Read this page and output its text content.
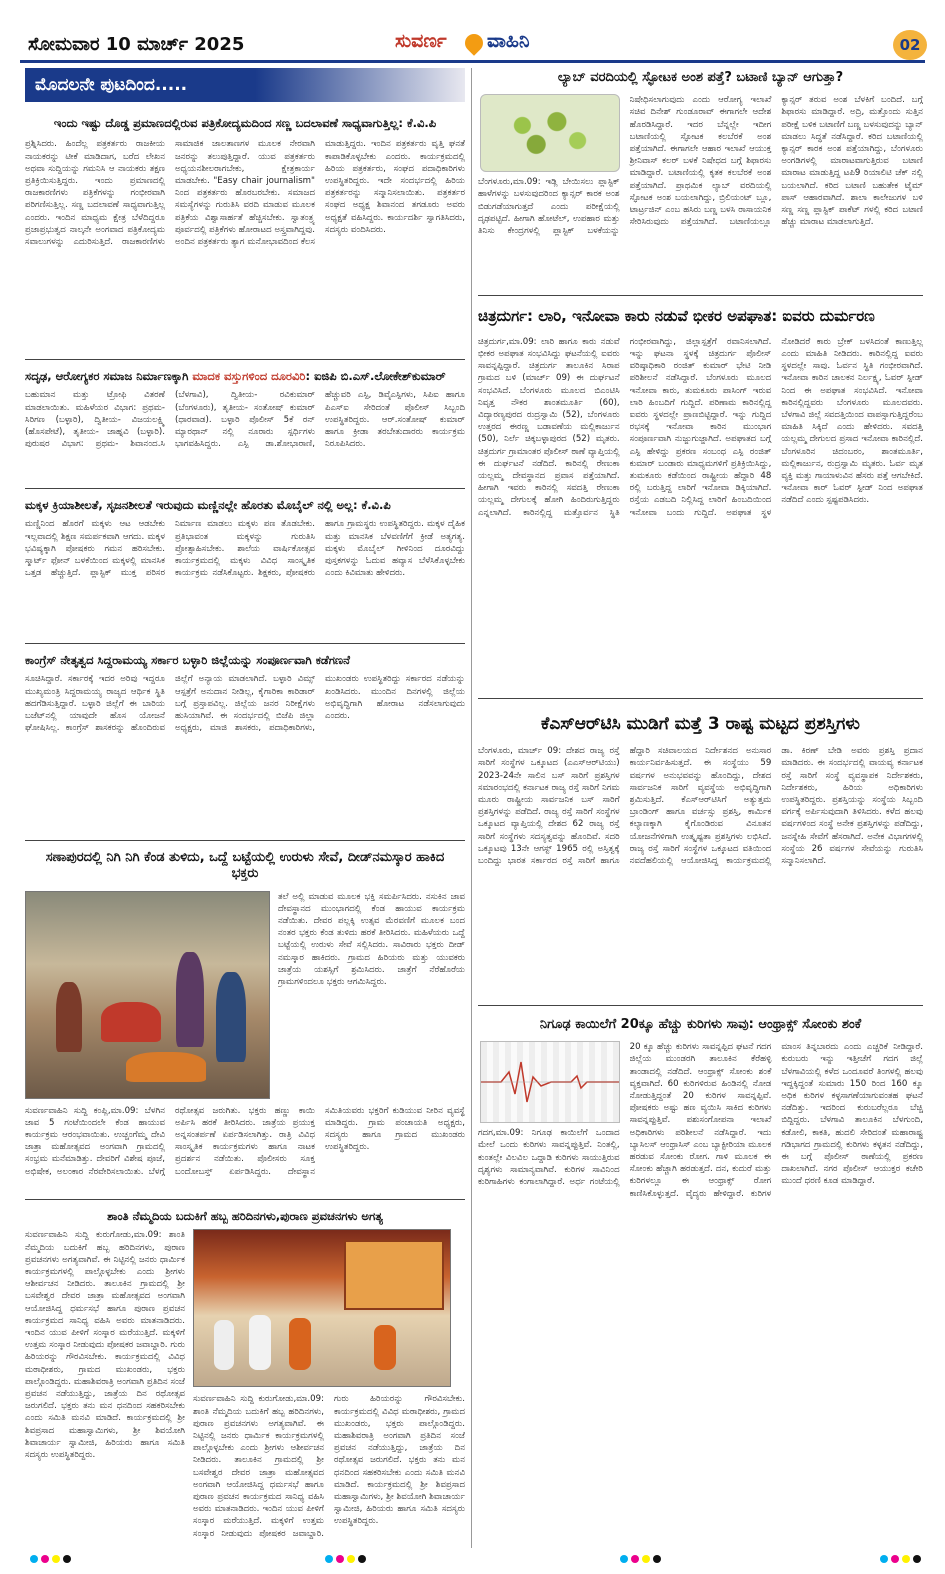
ಸೋಮವಾರ 10 ಮಾರ್ಚ್ 2025	ಸುವರ್ಣ ವಾಹಿನಿ	02
ಮೊದಲನೇ ಪುಟದಿಂದ.....
ಇಂದು ಇಷ್ಟು ದೊಡ್ಡ ಪ್ರಮಾಣದಲ್ಲಿರುವ ಪತ್ರಿಕೋದ್ಯಮದಿಂದ ಸಣ್ಣ ಬದಲಾವಣೆ ಸಾಧ್ಯವಾಗುತ್ತಿಲ್ಲ: ಕೆ.ವಿ.ಪಿ
ಪ್ರಶ್ನಿಸಿದರು. ಹಿಂದೆಲ್ಲ ಪತ್ರಕರ್ತರು ರಾಜಕೀಯ ನಾಯಕರನ್ನು ಟೀಕೆ ಮಾಡಿದಾಗ, ಬರೆದ ಲೇಖನ ಅಥವಾ ಸುದ್ದಿಯನ್ನು ಗಮನಿಸಿ ಆ ನಾಯಕರು ತಕ್ಷಣ ಪ್ರತಿಕ್ರಿಯಿಸುತ್ತಿದ್ದರು. ಇಂದು ಪ್ರಮಾಣದಲ್ಲಿ ರಾಜಕಾರಣಿಗಳು ಪತ್ರಿಕೆಗಳನ್ನು ಗಂಭೀರವಾಗಿ ಪರಿಗಣಿಸುತ್ತಿಲ್ಲ. ಸಣ್ಣ ಬದಲಾವಣೆ ಸಾಧ್ಯವಾಗುತ್ತಿಲ್ಲ ಎಂದರು. ಇಂದಿನ ಮಾಧ್ಯಮ ಕ್ಷೇತ್ರ ಬೆಳೆದಿದ್ದರೂ ಪ್ರಜಾಪ್ರಭುತ್ವದ ನಾಲ್ಕನೇ ಅಂಗವಾದ ಪತ್ರಿಕೋದ್ಯಮ ಸವಾಲುಗಳನ್ನು ಎದುರಿಸುತ್ತಿದೆ. ರಾಜಕಾರಣಿಗಳು ಸಾಮಾಜಿಕ ಜಾಲತಾಣಗಳ ಮೂಲಕ ನೇರವಾಗಿ ಜನರನ್ನು ತಲುಪುತ್ತಿದ್ದಾರೆ. ಯುವ ಪತ್ರಕರ್ತರು ಅಧ್ಯಯನಶೀಲರಾಗಬೇಕು, ಕ್ಷೇತ್ರಕಾರ್ಯ ಮಾಡಬೇಕು. "Easy chair journalism" ನಿಂದ ಪತ್ರಕರ್ತರು ಹೊರಬರಬೇಕು. ಸಮಾಜದ ಸಮಸ್ಯೆಗಳನ್ನು ಗುರುತಿಸಿ ವರದಿ ಮಾಡುವ ಮೂಲಕ ಪತ್ರಿಕೆಯ ವಿಶ್ವಾಸಾರ್ಹತೆ ಹೆಚ್ಚಿಸಬೇಕು. ಸ್ವಾತಂತ್ರ್ಯ ಪೂರ್ವದಲ್ಲಿ ಪತ್ರಿಕೆಗಳು ಹೋರಾಟದ ಅಸ್ತ್ರವಾಗಿದ್ದವು. ಅಂದಿನ ಪತ್ರಕರ್ತರು ತ್ಯಾಗ ಮನೋಭಾವದಿಂದ ಕೆಲಸ ಮಾಡುತ್ತಿದ್ದರು. ಇಂದಿನ ಪತ್ರಕರ್ತರು ವೃತ್ತಿ ಘನತೆ ಕಾಪಾಡಿಕೊಳ್ಳಬೇಕು ಎಂದರು. ಕಾರ್ಯಕ್ರಮದಲ್ಲಿ ಹಿರಿಯ ಪತ್ರಕರ್ತರು, ಸಂಘದ ಪದಾಧಿಕಾರಿಗಳು ಉಪಸ್ಥಿತರಿದ್ದರು. ಇದೇ ಸಂದರ್ಭದಲ್ಲಿ ಹಿರಿಯ ಪತ್ರಕರ್ತರನ್ನು ಸನ್ಮಾನಿಸಲಾಯಿತು. ಪತ್ರಕರ್ತರ ಸಂಘದ ಅಧ್ಯಕ್ಷ ಶಿವಾನಂದ ತಗಡೂರು ಅವರು ಅಧ್ಯಕ್ಷತೆ ವಹಿಸಿದ್ದರು. ಕಾರ್ಯದರ್ಶಿ ಸ್ವಾಗತಿಸಿದರು, ಸದಸ್ಯರು ವಂದಿಸಿದರು.
ಸದೃಢ, ಆರೋಗ್ಯಕರ ಸಮಾಜ ನಿರ್ಮಾಣಕ್ಕಾಗಿ ಮಾದಕ ವಸ್ತುಗಳಿಂದ ದೂರವಿರಿ: ಐಜಿಪಿ ಬಿ.ಎಸ್.ಲೋಕೇಶ್‌ಕುಮಾರ್
ಬಹುಮಾನ ಮತ್ತು ಟ್ರೋಫಿ ವಿತರಣೆ ಮಾಡಲಾಯಿತು. ಮಹಿಳೆಯರ ವಿಭಾಗ: ಪ್ರಥಮ- ಸಿರಿಗಣ (ಬಳ್ಳಾರಿ), ದ್ವಿತೀಯ- ವಿಜಯಲಕ್ಷ್ಮಿ (ಹೊಸಪೇಟೆ), ತೃತೀಯ- ಜಾಹ್ನವಿ (ಬಳ್ಳಾರಿ). ಪುರುಷರ ವಿಭಾಗ: ಪ್ರಥಮ- ಶಿವಾನಂದ.ಸಿ (ಬೆಳಗಾವಿ), ದ್ವಿತೀಯ- ರವಿಕುಮಾರ್ (ಬೆಂಗಳೂರು), ತೃತೀಯ- ಸಂತೋಷ್ ಕುಮಾರ್ (ಧಾರವಾಡ). ಬಳ್ಳಾರಿ ಪೊಲೀಸ್ 5ಕೆ ರನ್ ಮ್ಯಾರಥಾನ್ ನಲ್ಲಿ ನೂರಾರು ಸ್ಪರ್ಧಿಗಳು ಭಾಗವಹಿಸಿದ್ದರು. ಎಸ್ಪಿ ಡಾ.ಶೋಭಾರಾಣಿ, ಹೆಚ್ಚುವರಿ ಎಸ್ಪಿ, ಡಿವೈಎಸ್ಪಿಗಳು, ಸಿಪಿಐ ಹಾಗೂ ಪಿಎಸ್ಐ ಸೇರಿದಂತೆ ಪೊಲೀಸ್ ಸಿಬ್ಬಂದಿ ಉಪಸ್ಥಿತರಿದ್ದರು. ಆರ್.ಸಂತೋಷ್ ಕುಮಾರ್ ಹಾಗೂ ಕ್ರೀಡಾ ತರಬೇತುದಾರರು ಕಾರ್ಯಕ್ರಮ ನಿರೂಪಿಸಿದರು.
ಮಕ್ಕಳ ಕ್ರಿಯಾಶೀಲತೆ, ಸೃಜನಶೀಲತೆ ಇರುವುದು ಮಣ್ಣಿನಲ್ಲೇ ಹೊರತು ಮೊಬೈಲ್ ನಲ್ಲಿ ಅಲ್ಲ: ಕೆ.ವಿ.ಪಿ
ಮಣ್ಣಿನಿಂದ ಹೊರಗೆ ಮಕ್ಕಳು ಆಟ ಆಡಬೇಕು ಇಲ್ಲವಾದಲ್ಲಿ ಶಿಕ್ಷಣ ಸಮರ್ಪಕವಾಗಿ ಆಗದು. ಮಕ್ಕಳ ಭವಿಷ್ಯಕ್ಕಾಗಿ ಪೋಷಕರು ಗಮನ ಹರಿಸಬೇಕು. ಸ್ಮಾರ್ಟ್ ಫೋನ್ ಬಳಕೆಯಿಂದ ಮಕ್ಕಳಲ್ಲಿ ಮಾನಸಿಕ ಒತ್ತಡ ಹೆಚ್ಚುತ್ತಿದೆ. ಪ್ಲಾಸ್ಟಿಕ್ ಮುಕ್ತ ಪರಿಸರ ನಿರ್ಮಾಣ ಮಾಡಲು ಮಕ್ಕಳು ಪಣ ತೊಡಬೇಕು. ಪ್ರತಿಭಾವಂತ ಮಕ್ಕಳನ್ನು ಗುರುತಿಸಿ ಪ್ರೋತ್ಸಾಹಿಸಬೇಕು. ಶಾಲೆಯ ವಾರ್ಷಿಕೋತ್ಸವ ಕಾರ್ಯಕ್ರಮದಲ್ಲಿ ಮಕ್ಕಳು ವಿವಿಧ ಸಾಂಸ್ಕೃತಿಕ ಕಾರ್ಯಕ್ರಮ ನಡೆಸಿಕೊಟ್ಟರು. ಶಿಕ್ಷಕರು, ಪೋಷಕರು ಹಾಗೂ ಗ್ರಾಮಸ್ಥರು ಉಪಸ್ಥಿತರಿದ್ದರು. ಮಕ್ಕಳ ದೈಹಿಕ ಮತ್ತು ಮಾನಸಿಕ ಬೆಳವಣಿಗೆಗೆ ಕ್ರೀಡೆ ಅತ್ಯಗತ್ಯ. ಮಕ್ಕಳು ಮೊಬೈಲ್ ಗೀಳಿನಿಂದ ದೂರವಿದ್ದು ಪುಸ್ತಕಗಳನ್ನು ಓದುವ ಹವ್ಯಾಸ ಬೆಳೆಸಿಕೊಳ್ಳಬೇಕು ಎಂದು ಕಿವಿಮಾತು ಹೇಳಿದರು.
ಕಾಂಗ್ರೆಸ್ ನೇತೃತ್ವದ ಸಿದ್ದರಾಮಯ್ಯ ಸರ್ಕಾರ ಬಳ್ಳಾರಿ ಜಿಲ್ಲೆಯನ್ನು ಸಂಪೂರ್ಣವಾಗಿ ಕಡೆಗಣನೆ
ಸೂಚಿಸಿದ್ದಾರೆ. ಸರ್ಕಾರಕ್ಕೆ ಇದರ ಅರಿವು ಇದ್ದರೂ ಮುಖ್ಯಮಂತ್ರಿ ಸಿದ್ದರಾಮಯ್ಯ ರಾಜ್ಯದ ಆರ್ಥಿಕ ಸ್ಥಿತಿ ಹದಗೆಡಿಸುತ್ತಿದ್ದಾರೆ. ಬಳ್ಳಾರಿ ಜಿಲ್ಲೆಗೆ ಈ ಬಾರಿಯ ಬಜೆಟ್‌ನಲ್ಲಿ ಯಾವುದೇ ಹೊಸ ಯೋಜನೆ ಘೋಷಿಸಿಲ್ಲ. ಕಾಂಗ್ರೆಸ್ ಶಾಸಕರನ್ನು ಹೊಂದಿರುವ ಜಿಲ್ಲೆಗೆ ಅನ್ಯಾಯ ಮಾಡಲಾಗಿದೆ. ಬಳ್ಳಾರಿ ವಿಮ್ಸ್ ಆಸ್ಪತ್ರೆಗೆ ಅನುದಾನ ನೀಡಿಲ್ಲ, ಕೈಗಾರಿಕಾ ಕಾರಿಡಾರ್ ಬಗ್ಗೆ ಪ್ರಸ್ತಾಪವಿಲ್ಲ. ಜಿಲ್ಲೆಯ ಜನರ ನಿರೀಕ್ಷೆಗಳು ಹುಸಿಯಾಗಿವೆ. ಈ ಸಂದರ್ಭದಲ್ಲಿ ಬಿಜೆಪಿ ಜಿಲ್ಲಾ ಅಧ್ಯಕ್ಷರು, ಮಾಜಿ ಶಾಸಕರು, ಪದಾಧಿಕಾರಿಗಳು, ಮುಖಂಡರು ಉಪಸ್ಥಿತರಿದ್ದು ಸರ್ಕಾರದ ನಡೆಯನ್ನು ಖಂಡಿಸಿದರು. ಮುಂದಿನ ದಿನಗಳಲ್ಲಿ ಜಿಲ್ಲೆಯ ಅಭಿವೃದ್ಧಿಗಾಗಿ ಹೋರಾಟ ನಡೆಸಲಾಗುವುದು ಎಂದರು.
ಸಣಾಪುರದಲ್ಲಿ ನಿಗಿ ನಿಗಿ ಕೆಂಡ ತುಳಿದು, ಒದ್ದೆ ಬಟ್ಟೆಯಲ್ಲಿ ಉರುಳು ಸೇವೆ, ದೀಡ್‌ನಮಸ್ಕಾರ ಹಾಕಿದ ಭಕ್ತರು
ತಲೆ ಅಲ್ಲಿ ಮಾಡುವ ಮೂಲಕ ಭಕ್ತಿ ಸಮರ್ಪಿಸಿದರು. ನಸುಕಿನ ಜಾವ ದೇವಸ್ಥಾನದ ಮುಂಭಾಗದಲ್ಲಿ ಕೆಂಡ ಹಾಯುವ ಕಾರ್ಯಕ್ರಮ ನಡೆಯಿತು. ದೇವರ ಪಲ್ಲಕ್ಕಿ ಉತ್ಸವ ಮೆರವಣಿಗೆ ಮೂಲಕ ಬಂದ ನಂತರ ಭಕ್ತರು ಕೆಂಡ ತುಳಿದು ಹರಕೆ ತೀರಿಸಿದರು. ಮಹಿಳೆಯರು ಒದ್ದೆ ಬಟ್ಟೆಯಲ್ಲಿ ಉರುಳು ಸೇವೆ ಸಲ್ಲಿಸಿದರು. ಸಾವಿರಾರು ಭಕ್ತರು ದೀಡ್ ನಮಸ್ಕಾರ ಹಾಕಿದರು. ಗ್ರಾಮದ ಹಿರಿಯರು ಮತ್ತು ಯುವಕರು ಜಾತ್ರೆಯ ಯಶಸ್ಸಿಗೆ ಶ್ರಮಿಸಿದರು. ಜಾತ್ರೆಗೆ ನೆರೆಹೊರೆಯ ಗ್ರಾಮಗಳಿಂದಲೂ ಭಕ್ತರು ಆಗಮಿಸಿದ್ದರು.
ಸುವರ್ಣವಾಹಿನಿ ಸುದ್ದಿ ಕಂಪ್ಲಿ,ಮಾ.09: ಬೆಳಗಿನ ಜಾವ 5 ಗಂಟೆಯಿಂದಲೇ ಕೆಂಡ ಹಾಯುವ ಕಾರ್ಯಕ್ರಮ ಆರಂಭವಾಯಿತು. ಉಚ್ಚಂಗೆಮ್ಮ ದೇವಿ ಜಾತ್ರಾ ಮಹೋತ್ಸವದ ಅಂಗವಾಗಿ ಗ್ರಾಮದಲ್ಲಿ ಸಂಭ್ರಮ ಮನೆಮಾಡಿತ್ತು. ದೇವರಿಗೆ ವಿಶೇಷ ಪೂಜೆ, ಅಭಿಷೇಕ, ಅಲಂಕಾರ ನೆರವೇರಿಸಲಾಯಿತು. ಬೆಳಗ್ಗೆ ರಥೋತ್ಸವ ಜರುಗಿತು. ಭಕ್ತರು ಹಣ್ಣು ಕಾಯಿ ಅರ್ಪಿಸಿ ಹರಕೆ ತೀರಿಸಿದರು. ಜಾತ್ರೆಯ ಪ್ರಯುಕ್ತ ಅನ್ನಸಂತರ್ಪಣೆ ಏರ್ಪಡಿಸಲಾಗಿತ್ತು. ರಾತ್ರಿ ವಿವಿಧ ಸಾಂಸ್ಕೃತಿಕ ಕಾರ್ಯಕ್ರಮಗಳು ಹಾಗೂ ನಾಟಕ ಪ್ರದರ್ಶನ ನಡೆಯಿತು. ಪೊಲೀಸರು ಸೂಕ್ತ ಬಂದೋಬಸ್ತ್ ಏರ್ಪಡಿಸಿದ್ದರು. ದೇವಸ್ಥಾನ ಸಮಿತಿಯವರು ಭಕ್ತರಿಗೆ ಕುಡಿಯುವ ನೀರಿನ ವ್ಯವಸ್ಥೆ ಮಾಡಿದ್ದರು. ಗ್ರಾಮ ಪಂಚಾಯತಿ ಅಧ್ಯಕ್ಷರು, ಸದಸ್ಯರು ಹಾಗೂ ಗ್ರಾಮದ ಮುಖಂಡರು ಉಪಸ್ಥಿತರಿದ್ದರು.
ಶಾಂತಿ ನೆಮ್ಮದಿಯ ಬದುಕಿಗೆ ಹಬ್ಬ ಹರಿದಿನಗಳು,ಪುರಾಣ ಪ್ರವಚನಗಳು ಅಗತ್ಯ
ಸುವರ್ಣವಾಹಿನಿ ಸುದ್ದಿ ಕುರುಗೋಡು,ಮಾ.09: ಶಾಂತಿ ನೆಮ್ಮದಿಯ ಬದುಕಿಗೆ ಹಬ್ಬ ಹರಿದಿನಗಳು, ಪುರಾಣ ಪ್ರವಚನಗಳು ಅಗತ್ಯವಾಗಿವೆ. ಈ ನಿಟ್ಟಿನಲ್ಲಿ ಜನರು ಧಾರ್ಮಿಕ ಕಾರ್ಯಕ್ರಮಗಳಲ್ಲಿ ಪಾಲ್ಗೊಳ್ಳಬೇಕು ಎಂದು ಶ್ರೀಗಳು ಆಶೀರ್ವಚನ ನೀಡಿದರು. ತಾಲೂಕಿನ ಗ್ರಾಮದಲ್ಲಿ ಶ್ರೀ ಬಸವೇಶ್ವರ ದೇವರ ಜಾತ್ರಾ ಮಹೋತ್ಸವದ ಅಂಗವಾಗಿ ಆಯೋಜಿಸಿದ್ದ ಧರ್ಮಸಭೆ ಹಾಗೂ ಪುರಾಣ ಪ್ರವಚನ ಕಾರ್ಯಕ್ರಮದ ಸಾನಿಧ್ಯ ವಹಿಸಿ ಅವರು ಮಾತನಾಡಿದರು. ಇಂದಿನ ಯುವ ಪೀಳಿಗೆ ಸಂಸ್ಕಾರ ಮರೆಯುತ್ತಿದೆ. ಮಕ್ಕಳಿಗೆ ಉತ್ತಮ ಸಂಸ್ಕಾರ ನೀಡುವುದು ಪೋಷಕರ ಜವಾಬ್ದಾರಿ. ಗುರು ಹಿರಿಯರನ್ನು ಗೌರವಿಸಬೇಕು. ಕಾರ್ಯಕ್ರಮದಲ್ಲಿ ವಿವಿಧ ಮಠಾಧೀಶರು, ಗ್ರಾಮದ ಮುಖಂಡರು, ಭಕ್ತರು ಪಾಲ್ಗೊಂಡಿದ್ದರು. ಮಹಾಶಿವರಾತ್ರಿ ಅಂಗವಾಗಿ ಪ್ರತಿದಿನ ಸಂಜೆ ಪ್ರವಚನ ನಡೆಯುತ್ತಿದ್ದು, ಜಾತ್ರೆಯ ದಿನ ರಥೋತ್ಸವ ಜರುಗಲಿದೆ. ಭಕ್ತರು ತನು ಮನ ಧನದಿಂದ ಸಹಕರಿಸಬೇಕು ಎಂದು ಸಮಿತಿ ಮನವಿ ಮಾಡಿದೆ. ಕಾರ್ಯಕ್ರಮದಲ್ಲಿ ಶ್ರೀ ಶಿವಪ್ರಸಾದ ಮಹಾಸ್ವಾಮಿಗಳು, ಶ್ರೀ ಶಿವಯೋಗಿ ಶಿವಾಚಾರ್ಯ ಸ್ವಾಮೀಜಿ, ಹಿರಿಯರು ಹಾಗೂ ಸಮಿತಿ ಸದಸ್ಯರು ಉಪಸ್ಥಿತರಿದ್ದರು.
ಸುವರ್ಣವಾಹಿನಿ ಸುದ್ದಿ ಕುರುಗೋಡು,ಮಾ.09: ಶಾಂತಿ ನೆಮ್ಮದಿಯ ಬದುಕಿಗೆ ಹಬ್ಬ ಹರಿದಿನಗಳು, ಪುರಾಣ ಪ್ರವಚನಗಳು ಅಗತ್ಯವಾಗಿವೆ. ಈ ನಿಟ್ಟಿನಲ್ಲಿ ಜನರು ಧಾರ್ಮಿಕ ಕಾರ್ಯಕ್ರಮಗಳಲ್ಲಿ ಪಾಲ್ಗೊಳ್ಳಬೇಕು ಎಂದು ಶ್ರೀಗಳು ಆಶೀರ್ವಚನ ನೀಡಿದರು. ತಾಲೂಕಿನ ಗ್ರಾಮದಲ್ಲಿ ಶ್ರೀ ಬಸವೇಶ್ವರ ದೇವರ ಜಾತ್ರಾ ಮಹೋತ್ಸವದ ಅಂಗವಾಗಿ ಆಯೋಜಿಸಿದ್ದ ಧರ್ಮಸಭೆ ಹಾಗೂ ಪುರಾಣ ಪ್ರವಚನ ಕಾರ್ಯಕ್ರಮದ ಸಾನಿಧ್ಯ ವಹಿಸಿ ಅವರು ಮಾತನಾಡಿದರು. ಇಂದಿನ ಯುವ ಪೀಳಿಗೆ ಸಂಸ್ಕಾರ ಮರೆಯುತ್ತಿದೆ. ಮಕ್ಕಳಿಗೆ ಉತ್ತಮ ಸಂಸ್ಕಾರ ನೀಡುವುದು ಪೋಷಕರ ಜವಾಬ್ದಾರಿ. ಗುರು ಹಿರಿಯರನ್ನು ಗೌರವಿಸಬೇಕು. ಕಾರ್ಯಕ್ರಮದಲ್ಲಿ ವಿವಿಧ ಮಠಾಧೀಶರು, ಗ್ರಾಮದ ಮುಖಂಡರು, ಭಕ್ತರು ಪಾಲ್ಗೊಂಡಿದ್ದರು. ಮಹಾಶಿವರಾತ್ರಿ ಅಂಗವಾಗಿ ಪ್ರತಿದಿನ ಸಂಜೆ ಪ್ರವಚನ ನಡೆಯುತ್ತಿದ್ದು, ಜಾತ್ರೆಯ ದಿನ ರಥೋತ್ಸವ ಜರುಗಲಿದೆ. ಭಕ್ತರು ತನು ಮನ ಧನದಿಂದ ಸಹಕರಿಸಬೇಕು ಎಂದು ಸಮಿತಿ ಮನವಿ ಮಾಡಿದೆ. ಕಾರ್ಯಕ್ರಮದಲ್ಲಿ ಶ್ರೀ ಶಿವಪ್ರಸಾದ ಮಹಾಸ್ವಾಮಿಗಳು, ಶ್ರೀ ಶಿವಯೋಗಿ ಶಿವಾಚಾರ್ಯ ಸ್ವಾಮೀಜಿ, ಹಿರಿಯರು ಹಾಗೂ ಸಮಿತಿ ಸದಸ್ಯರು ಉಪಸ್ಥಿತರಿದ್ದರು.
ಲ್ಯಾಬ್ ವರದಿಯಲ್ಲಿ ಸ್ಫೋಟಕ ಅಂಶ ಪತ್ತೆ? ಬಟಾಣಿ ಬ್ಯಾನ್ ಆಗುತ್ತಾ?
ಬೆಂಗಳೂರು,ಮಾ.09: ಇಡ್ಲಿ ಬೇಯಿಸಲು ಪ್ಲಾಸ್ಟಿಕ್ ಹಾಳೆಗಳನ್ನು ಬಳಸುವುದರಿಂದ ಕ್ಯಾನ್ಸರ್ ಕಾರಕ ಅಂಶ ಬಿಡುಗಡೆಯಾಗುತ್ತದೆ ಎಂದು ಪರೀಕ್ಷೆಯಲ್ಲಿ ದೃಢಪಟ್ಟಿದೆ. ಹೀಗಾಗಿ ಹೋಟೆಲ್, ಉಪಹಾರ ಮತ್ತು ತಿನಿಸು ಕೇಂದ್ರಗಳಲ್ಲಿ ಪ್ಲಾಸ್ಟಿಕ್ ಬಳಕೆಯನ್ನು ನಿಷೇಧಿಸಲಾಗುವುದು ಎಂದು ಆರೋಗ್ಯ ಇಲಾಖೆ ಸಚಿವ ದಿನೇಶ್ ಗುಂಡೂರಾವ್ ಈಗಾಗಲೇ ಆದೇಶ ಹೊರಡಿಸಿದ್ದಾರೆ. ಇದರ ಬೆನ್ನಲ್ಲೇ ಇದೀಗ ಬಟಾಣಿಯಲ್ಲಿ ಸ್ಫೋಟಕ ಕಲಬೆರಕೆ ಅಂಶ ಪತ್ತೆಯಾಗಿದೆ. ಈಗಾಗಲೇ ಆಹಾರ ಇಲಾಖೆ ಆಯುಕ್ತ ಶ್ರೀನಿವಾಸ್ ಕಲರ್ ಬಳಕೆ ನಿಷೇಧದ ಬಗ್ಗೆ ಶಿಫಾರಸು ಮಾಡಿದ್ದಾರೆ. ಬಟಾಣಿಯಲ್ಲಿ ಕೃತಕ ಕಲಬೆರಕೆ ಅಂಶ ಪತ್ತೆಯಾಗಿದೆ. ಪ್ರಾಥಮಿಕ ಲ್ಯಾಬ್ ವರದಿಯಲ್ಲಿ ಸ್ಫೋಟಕ ಅಂಶ ಬಯಲಾಗಿದ್ದು, ಬ್ರಿಲಿಯಂಟ್ ಬ್ಲೂ, ಟಾರ್ಟ್ರಜಿನ್ ಎಂಬ ಹಸಿರು ಬಣ್ಣ ಬಳಸಿ ರಾಸಾಯನಿಕ ಸೇರಿಸಿರುವುದು ಪತ್ತೆಯಾಗಿದೆ. ಬಟಾಣಿಯಲ್ಲೂ ಕ್ಯಾನ್ಸರ್ ತರುವ ಅಂಶ ಬೆಳಕಿಗೆ ಬಂದಿದೆ. ಬಗ್ಗೆ ಶಿಫಾರಸು ಮಾಡಿದ್ದಾರೆ. ಅದ್ರಿ, ಮತ್ತೊಂದು ಸುತ್ತಿನ ಪರೀಕ್ಷೆ ಬಳಿಕ ಬಟಾಣಿಗೆ ಬಣ್ಣ ಬಳಸುವುದನ್ನು ಬ್ಯಾನ್ ಮಾಡಲು ಸಿದ್ಧತೆ ನಡೆಸಿದ್ದಾರೆ. ಕರಿದ ಬಟಾಣಿಯಲ್ಲಿ ಕ್ಯಾನ್ಸರ್ ಕಾರಕ ಅಂಶ ಪತ್ತೆಯಾಗಿದ್ದು, ಬೆಂಗಳೂರು ಅಂಗಡಿಗಳಲ್ಲಿ ಮಾರಾಟವಾಗುತ್ತಿರುವ ಬಟಾಣಿ ಮಾರಾಟ ಮಾಡುತ್ತಿದ್ದ ಟಪಿ9 ರಿಯಾಲಿಟಿ ಚೆಕ್ ನಲ್ಲಿ ಬಯಲಾಗಿದೆ. ಕರಿದ ಬಟಾಣಿ ಬಹುತೇಕ ಟೈಮ್ ಪಾಸ್ ಆಹಾರವಾಗಿದೆ. ಶಾಲಾ ಕಾಲೇಜುಗಳ ಬಳಿ ಸಣ್ಣ ಸಣ್ಣ ಪ್ಲಾಸ್ಟಿಕ್ ಪಾಕೆಟ್ ಗಳಲ್ಲಿ ಕರಿದ ಬಟಾಣಿ ಹೆಚ್ಚು ಮಾರಾಟ ಮಾಡಲಾಗುತ್ತಿದೆ.
ಚಿತ್ರದುರ್ಗ: ಲಾರಿ, ಇನೋವಾ ಕಾರು ನಡುವೆ ಭೀಕರ ಅಪಘಾತ: ಐವರು ದುರ್ಮರಣ
ಚಿತ್ರದುರ್ಗ,ಮಾ.09: ಲಾರಿ ಹಾಗೂ ಕಾರು ನಡುವೆ ಭೀಕರ ಅಪಘಾತ ಸಂಭವಿಸಿದ್ದು ಘಟನೆಯಲ್ಲಿ ಐವರು ಸಾವನ್ನಪ್ಪಿದ್ದಾರೆ. ಚಿತ್ರದುರ್ಗ ತಾಲೂಕಿನ ಸಿರಾಪ ಗ್ರಾಮದ ಬಳಿ (ಮಾರ್ಚ್ 09) ಈ ದುರ್ಘಟನೆ ಸಂಭವಿಸಿದೆ. ಬೆಂಗಳೂರು ಮೂಲದ ಬಿಎಂಟಿಸಿ ನಿವೃತ್ತ ನೌಕರ ಶಾಂತಮೂರ್ತಿ (60), ವಿದ್ಯಾರಣ್ಯಪುರದ ರುದ್ರಸ್ವಾಮಿ (52), ಬೆಂಗಳೂರು ಉತ್ತರದ ಈರಣ್ಣ ಬಡಾವಣೆಯ ಮಲ್ಲಿಕಾರ್ಜುನ (50), ನಿರ್ಲೆ ಚಿಕ್ಕಬಳ್ಳಾಪುರದ (52) ಮೃತರು. ಚಿತ್ರದುರ್ಗ ಗ್ರಾಮಾಂತರ ಪೊಲೀಸ್ ಠಾಣೆ ವ್ಯಾಪ್ತಿಯಲ್ಲಿ ಈ ದುರ್ಘಟನೆ ನಡೆದಿದೆ. ಕಾರಿನಲ್ಲಿ ರೇಣುಕಾ ಯಲ್ಲಮ್ಮ ದೇವಸ್ಥಾನದ ಪ್ರವಾಸ ಪತ್ತೆಯಾಗಿದೆ. ಹೀಗಾಗಿ ಇವರು ಕಾರಿನಲ್ಲಿ ಸವದತ್ತಿ ರೇಣುಕಾ ಯಲ್ಲಮ್ಮ ದೇಗುಲಕ್ಕೆ ಹೋಗಿ ಹಿಂದಿರುಗುತ್ತಿದ್ದರು ಎನ್ನಲಾಗಿದೆ. ಕಾರಿನಲ್ಲಿದ್ದ ಮತ್ತೊರ್ವನ ಸ್ಥಿತಿ ಗಂಭೀರವಾಗಿದ್ದು, ಜಿಲ್ಲಾಸ್ಪತ್ರೆಗೆ ರವಾನಿಸಲಾಗಿದೆ. ಇನ್ನು ಘಟನಾ ಸ್ಥಳಕ್ಕೆ ಚಿತ್ರದುರ್ಗ ಪೊಲೀಸ್ ವರಿಷ್ಠಾಧಿಕಾರಿ ರಂಜಿತ್ ಕುಮಾರ್ ಭೇಟಿ ನೀಡಿ ಪರಿಶೀಲನೆ ನಡೆಸಿದ್ದಾರೆ. ಬೆಂಗಳೂರು ಮೂಲದ ಇನೋವಾ ಕಾರು, ತುಮಕೂರು ಪಾಸಿಂಗ್ ಇರುವ ಲಾರಿ ಹಿಂಬದಿಗೆ ಗುದ್ದಿದೆ. ಪರಿಣಾಮ ಕಾರಿನಲ್ಲಿದ್ದ ಐವರು ಸ್ಥಳದಲ್ಲೇ ಪ್ರಾಣಬಿಟ್ಟಿದ್ದಾರೆ. ಇನ್ನು ಗುದ್ದಿದ ರಭಸಕ್ಕೆ ಇನೋವಾ ಕಾರಿನ ಮುಂಭಾಗ ಸಂಪೂರ್ಣವಾಗಿ ನುಜ್ಜುಗುಜ್ಜಾಗಿದೆ. ಅಪಘಾತದ ಬಗ್ಗೆ ಎಸ್ಪಿ ಹೇಳಿದ್ದು ಪ್ರಕರಣ ಸಂಬಂಧ ಎಸ್ಪಿ ರಂಜಿತ್ ಕುಮಾರ್ ಬಂಡಾರು ಮಾಧ್ಯಮಗಳಿಗೆ ಪ್ರತಿಕ್ರಿಯಿಸಿದ್ದು, ತುಮಕೂರು ಕಡೆಯಿಂದ ರಾಷ್ಟ್ರೀಯ ಹೆದ್ದಾರಿ 48 ರಲ್ಲಿ ಬರುತ್ತಿದ್ದ ಲಾರಿಗೆ ಇನೋವಾ ಡಿಕ್ಕಿಯಾಗಿದೆ. ರಸ್ತೆಯ ಎಡಬದಿ ನಿಲ್ಲಿಸಿದ್ದ ಲಾರಿಗೆ ಹಿಂಬದಿಯಿಂದ ಇನೋವಾ ಬಂದು ಗುದ್ದಿದೆ. ಅಪಘಾತ ಸ್ಥಳ ನೋಡಿದರೆ ಕಾರು ಬ್ರೇಕ್ ಬಳಸಿದಂತೆ ಕಾಣುತ್ತಿಲ್ಲ ಎಂದು ಮಾಹಿತಿ ನೀಡಿದರು. ಕಾರಿನಲ್ಲಿದ್ದ ಐವರು ಸ್ಥಳದಲ್ಲೇ ಸಾವು. ಓರ್ವನ ಸ್ಥಿತಿ ಗಂಭೀರವಾಗಿದೆ. ಇನೋವಾ ಕಾರಿನ ಚಾಲಕನ ನಿರ್ಲಕ್ಷ್ಯ, ಓವರ್ ಸ್ಪೀಡ್ ನಿಂದ ಈ ಅಪಘಾತ ಸಂಭವಿಸಿದೆ. ಇನೋವಾ ಕಾರಿನಲ್ಲಿದ್ದವರು ಬೆಂಗಳೂರು ಮೂಲದವರು. ಬೆಳಗಾವಿ ಜಿಲ್ಲೆ ಸವದತ್ತಿಯಿಂದ ವಾಪಸ್ಸಾಗುತ್ತಿದ್ದರೆಂಬ ಮಾಹಿತಿ ಸಿಕ್ಕಿದೆ ಎಂದು ಹೇಳಿದರು. ಸವದತ್ತಿ ಯಲ್ಲಮ್ಮ ದೇಗುಲದ ಪ್ರಸಾದ ಇನೋವಾ ಕಾರಿನಲ್ಲಿದೆ. ಬೆಂಗಳೂರಿನ ಚಿದಂಬರಂ, ಶಾಂತಮೂರ್ತಿ, ಮಲ್ಲಿಕಾರ್ಜುನ, ರುದ್ರಸ್ವಾಮಿ ಮೃತರು. ಓರ್ವ ಮೃತ ವ್ಯಕ್ತಿ ಮತ್ತು ಗಾಯಾಳುವಿನ ಹೆಸರು ಪತ್ತೆ ಆಗಬೇಕಿದೆ. ಇನೋವಾ ಕಾರ್ ಓವರ್ ಸ್ಪೀಡ್ ನಿಂದ ಅಪಘಾತ ನಡೆದಿದೆ ಎಂದು ಸ್ಪಷ್ಟಪಡಿಸಿದರು.
ಕೆಎಸ್‌ಆರ್‌ಟಿಸಿ ಮುಡಿಗೆ ಮತ್ತೆ 3 ರಾಷ್ಟ ಮಟ್ಟದ ಪ್ರಶಸ್ತಿಗಳು
ಬೆಂಗಳೂರು, ಮಾರ್ಚ್ 09: ದೇಶದ ರಾಜ್ಯ ರಸ್ತೆ ಸಾರಿಗೆ ಸಂಸ್ಥೆಗಳ ಒಕ್ಕೂಟದ (ಎಎಸ್ಆರ್‌ಟಿಯು) 2023-24ನೇ ಸಾಲಿನ ಬಸ್ ಸಾರಿಗೆ ಪ್ರಶಸ್ತಿಗಳ ಸಮಾರಂಭದಲ್ಲಿ ಕರ್ನಾಟಕ ರಾಜ್ಯ ರಸ್ತೆ ಸಾರಿಗೆ ನಿಗಮ ಮೂರು ರಾಷ್ಟ್ರೀಯ ಸಾರ್ವಜನಿಕ ಬಸ್ ಸಾರಿಗೆ ಪ್ರಶಸ್ತಿಗಳನ್ನು ಪಡೆದಿದೆ. ರಾಜ್ಯ ರಸ್ತೆ ಸಾರಿಗೆ ಸಂಸ್ಥೆಗಳ ಒಕ್ಕೂಟದ ವ್ಯಾಪ್ತಿಯಲ್ಲಿ ದೇಶದ 62 ರಾಜ್ಯ ರಸ್ತೆ ಸಾರಿಗೆ ಸಂಸ್ಥೆಗಳು ಸದಸ್ಯತ್ವವನ್ನು ಹೊಂದಿವೆ. ಸದರಿ ಒಕ್ಕೂಟವು 13ನೇ ಆಗಸ್ಟ್ 1965 ರಲ್ಲಿ ಅಸ್ತಿತ್ವಕ್ಕೆ ಬಂದಿದ್ದು ಭಾರತ ಸರ್ಕಾರದ ರಸ್ತೆ ಸಾರಿಗೆ ಹಾಗೂ ಹೆದ್ದಾರಿ ಸಚಿವಾಲಯದ ನಿರ್ದೇಶನದ ಅನುಸಾರ ಕಾರ್ಯನಿರ್ವಹಿಸುತ್ತದೆ. ಈ ಸಂಸ್ಥೆಯು 59 ವರ್ಷಗಳ ಅನುಭವವನ್ನು ಹೊಂದಿದ್ದು, ದೇಶದ ಸಾರ್ವಜನಿಕ ಸಾರಿಗೆ ವ್ಯವಸ್ಥೆಯ ಅಭಿವೃದ್ಧಿಗಾಗಿ ಶ್ರಮಿಸುತ್ತಿದೆ. ಕೆಎಸ್‌ಆರ್‌ಟಿಸಿಗೆ ಅತ್ಯುತ್ತಮ ಬ್ರಾಂಡಿಂಗ್ ಹಾಗೂ ವರ್ಚಸ್ಸು ಪ್ರಶಸ್ತಿ, ಕಾರ್ಮಿಕ ಕಲ್ಯಾಣಕ್ಕಾಗಿ ಕೈಗೊಂಡಿರುವ ವಿನೂತನ ಯೋಜನೆಗಳಿಗಾಗಿ ಉತ್ಕೃಷ್ಟತಾ ಪ್ರಶಸ್ತಿಗಳು ಲಭಿಸಿದೆ. ರಾಜ್ಯ ರಸ್ತೆ ಸಾರಿಗೆ ಸಂಸ್ಥೆಗಳ ಒಕ್ಕೂಟದ ವತಿಯಿಂದ ನವದೆಹಲಿಯಲ್ಲಿ ಆಯೋಜಿಸಿದ್ದ ಕಾರ್ಯಕ್ರಮದಲ್ಲಿ ಡಾ. ಕಿರಣ್ ಬೇಡಿ ಅವರು ಪ್ರಶಸ್ತಿ ಪ್ರದಾನ ಮಾಡಿದರು. ಈ ಸಂದರ್ಭದಲ್ಲಿ ವಾಯವ್ಯ ಕರ್ನಾಟಕ ರಸ್ತೆ ಸಾರಿಗೆ ಸಂಸ್ಥೆ ವ್ಯವಸ್ಥಾಪಕ ನಿರ್ದೇಶಕರು, ನಿರ್ದೇಶಕರು, ಹಿರಿಯ ಅಧಿಕಾರಿಗಳು ಉಪಸ್ಥಿತರಿದ್ದರು. ಪ್ರಶಸ್ತಿಯನ್ನು ಸಂಸ್ಥೆಯ ಸಿಬ್ಬಂದಿ ವರ್ಗಕ್ಕೆ ಅರ್ಪಿಸುವುದಾಗಿ ತಿಳಿಸಿದರು. ಕಳೆದ ಹಲವು ವರ್ಷಗಳಿಂದ ಸಂಸ್ಥೆ ಅನೇಕ ಪ್ರಶಸ್ತಿಗಳನ್ನು ಪಡೆದಿದ್ದು, ಜನಸ್ನೇಹಿ ಸೇವೆಗೆ ಹೆಸರಾಗಿದೆ. ಅನೇಕ ವಿಭಾಗಗಳಲ್ಲಿ ಸಂಸ್ಥೆಯ 26 ವರ್ಷಗಳ ಸೇವೆಯನ್ನು ಗುರುತಿಸಿ ಸನ್ಮಾನಿಸಲಾಗಿದೆ.
ನಿಗೂಢ ಕಾಯಿಲೆಗೆ 20ಕ್ಕೂ ಹೆಚ್ಚು ಕುರಿಗಳು ಸಾವು: ಆಂಥ್ರಾಕ್ಸ್ ಸೋಂಕು ಶಂಕೆ
ಗದಗ,ಮಾ.09: ನಿಗೂಢ ಕಾಯಿಲೆಗೆ ಒಂದಾದ ಮೇಲೆ ಒಂದು ಕುರಿಗಳು ಸಾವನ್ನಪ್ಪುತ್ತಿವೆ. ನಿಂತಲ್ಲಿ, ಕುಂತಲ್ಲೇ ವಿಲವಿಲ ಒದ್ದಾಡಿ ಕುರಿಗಳು ಸಾಯುತ್ತಿರುವ ದೃಶ್ಯಗಳು ಸಾಮಾನ್ಯವಾಗಿವೆ. ಕುರಿಗಳ ಸಾವಿನಿಂದ ಕುರಿಗಾಹಿಗಳು ಕಂಗಾಲಾಗಿದ್ದಾರೆ. ಅರ್ಧ ಗಂಟೆಯಲ್ಲಿ 20 ಕ್ಕೂ ಹೆಚ್ಚು ಕುರಿಗಳು ಸಾವನ್ನಪ್ಪಿದ ಘಟನೆ ಗದಗ ಜಿಲ್ಲೆಯ ಮುಂಡರಗಿ ತಾಲೂಕಿನ ಕೆರೆಹಳ್ಳಿ ತಾಂಡಾದಲ್ಲಿ ನಡೆದಿದೆ. ಆಂಥ್ರಾಕ್ಸ್ ಸೋಂಕು ಶಂಕೆ ವ್ಯಕ್ತವಾಗಿದೆ. 60 ಕುರಿಗಳಿರುವ ಹಿಂಡಿನಲ್ಲಿ ನೋಡ ನೋಡುತ್ತಿದ್ದಂತೆ 20 ಕುರಿಗಳ ಸಾವನ್ನಪ್ಪಿವೆ. ಪೋಷಕರು ಅಷ್ಟು ಹಣ ವ್ಯಯಿಸಿ ಸಾಕಿದ ಕುರಿಗಳು ಸಾವನ್ನಪ್ಪುತ್ತಿವೆ. ಪಶುಸಂಗೋಪನಾ ಇಲಾಖೆ ಅಧಿಕಾರಿಗಳು ಪರಿಶೀಲನೆ ನಡೆಸಿದ್ದಾರೆ. ಇದು ಬ್ಯಾಸಿಲಸ್ ಆಂಥ್ರಾಸಿಸ್ ಎಂಬ ಬ್ಯಾಕ್ಟೀರಿಯಾ ಮೂಲಕ ಹರಡುವ ಸೋಂಕು ರೋಗ. ಗಾಳಿ ಮೂಲಕ ಈ ಸೋಂಕು ಹೆಚ್ಚಾಗಿ ಹರಡುತ್ತದೆ. ದನ, ಕುದುರೆ ಮತ್ತು ಕುರಿಗಳಲ್ಲೂ ಈ ಆಂಥ್ರಾಕ್ಸ್ ರೋಗ ಕಾಣಿಸಿಕೊಳ್ಳುತ್ತದೆ. ವೈದ್ಯರು ಹೇಳಿದ್ದಾರೆ. ಕುರಿಗಳ ಮಾಂಸ ತಿನ್ನಬಾರದು ಎಂದು ಎಚ್ಚರಿಕೆ ನೀಡಿದ್ದಾರೆ. ಕುರುಬರು ಇನ್ನು ಇತ್ತೀಚೆಗೆ ಗದಗ ಜಿಲ್ಲೆ ಬೆಳಗಾವಿಯಲ್ಲಿ ಕಳೆದ ಒಂದೂವರೆ ತಿಂಗಳಲ್ಲಿ ಹಲವು ಇದ್ದಕ್ಕಿದ್ದಂತೆ ಸುಮಾರು 150 ರಿಂದ 160 ಕ್ಕೂ ಅಧಿಕ ಕುರಿಗಳ ಕಳ್ಳಸಾಗಣೆಯಾಗುವಂತಹ ಘಟನೆ ನಡೆದಿತ್ತು. ಇದರಿಂದ ಕುರುಬರೆಲ್ಲರೂ ಬೆಚ್ಚಿ ಬಿದ್ದಿದ್ದರು. ಬೆಳಗಾವಿ ತಾಲೂಕಿನ ಬೆಳಗುಂದಿ, ಕಡೋಲಿ, ಕಾಕತಿ, ಹುದಲಿ ಸೇರಿದಂತೆ ಮಹಾರಾಷ್ಟ್ರ ಗಡಿಭಾಗದ ಗ್ರಾಮದಲ್ಲಿ ಕುರಿಗಳು ಕಳ್ಳತನ ನಡೆದಿದ್ದು, ಈ ಬಗ್ಗೆ ಪೊಲೀಸ್ ಠಾಣೆಯಲ್ಲಿ ಪ್ರಕರಣ ದಾಖಲಾಗಿದೆ. ನಗರ ಪೊಲೀಸ್ ಆಯುಕ್ತರ ಕಚೇರಿ ಮುಂದೆ ಧರಣಿ ಕೂಡ ಮಾಡಿದ್ದಾರೆ.
